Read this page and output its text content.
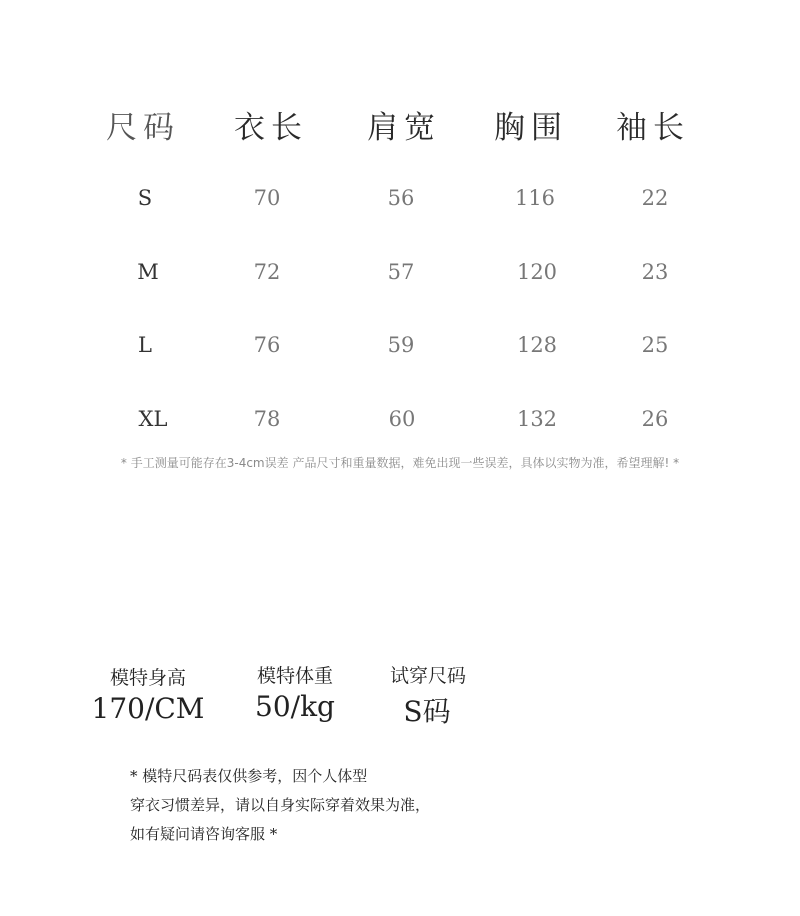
尺码 衣长 肩宽 胸围 袖长
S	70	56	116	22
M	72	57	120	23
L	76	59	128	25
XL	78	60	132	26
* 手工测量可能存在3-4cm误差 产品尺寸和重量数据，难免出现一些误差，具体以实物为准，希望理解! *
模特身高
170/CM
模特体重
50/kg
试穿尺码
S码
* 模特尺码表仅供参考，因个人体型
穿衣习惯差异，请以自身实际穿着效果为准，
如有疑问请咨询客服 *
